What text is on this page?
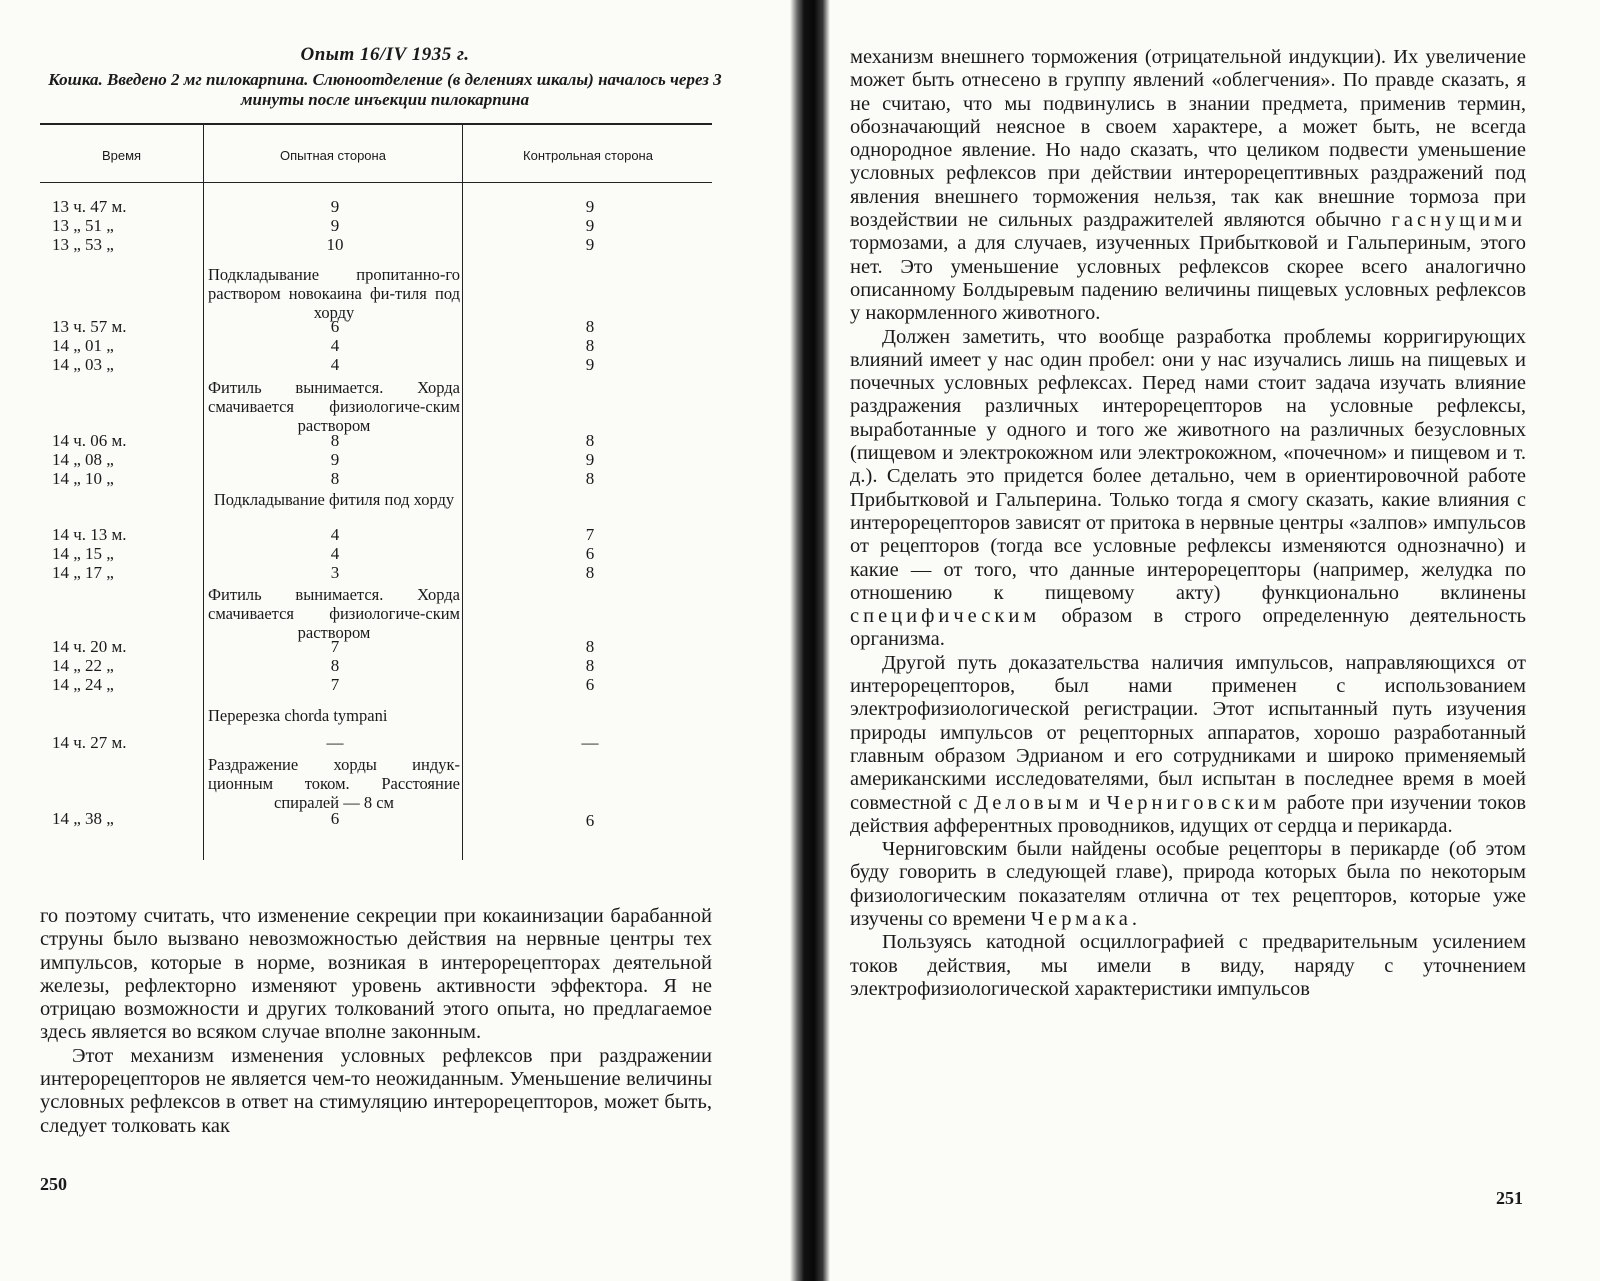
Опыт 16/IV 1935 г.
Кошка. Введено 2 мг пилокарпина. Слюноотделение (в делениях шкалы) началось через 3 минуты после инъекции пилокарпина
Время	Опытная сторона	Контрольная сторона
13 ч. 47 м.	9	9
13 „ 51 „	9	9
13 „ 53 „	10	9
Подкладывание пропитанно-го раствором новокаина фи-тиля под хорду
13 ч. 57 м.	6	8
14 „ 01 „	4	8
14 „ 03 „	4	9
Фитиль вынимается. Хорда смачивается физиологиче-ским раствором
14 ч. 06 м.	8	8
14 „ 08 „	9	9
14 „ 10 „	8	8
Подкладывание фитиля под хорду
14 ч. 13 м.	4	7
14 „ 15 „	4	6
14 „ 17 „	3	8
Фитиль вынимается. Хорда смачивается физиологиче-ским раствором
14 ч. 20 м.	7	8
14 „ 22 „	8	8
14 „ 24 „	7	6
Перерезка chorda tympani
14 ч. 27 м.	—	—
Раздражение хорды индук-ционным током. Расстояние спиралей — 8 см
14 „ 38 „	6	6
го поэтому считать, что изменение секреции при кокаинизации барабанной струны было вызвано невозможностью действия на нервные центры тех импульсов, которые в норме, возникая в интерорецепторах деятельной железы, рефлекторно изменяют уровень активности эффектора. Я не отрицаю возможности и других толкований этого опыта, но предлагаемое здесь является во всяком случае вполне законным.
Этот механизм изменения условных рефлексов при раздражении интерорецепторов не является чем-то неожиданным. Уменьшение величины условных рефлексов в ответ на стимуляцию интерорецепторов, может быть, следует толковать как
250
механизм внешнего торможения (отрицательной индукции). Их увеличение может быть отнесено в группу явлений «облегчения». По правде сказать, я не считаю, что мы подвинулись в знании предмета, применив термин, обозначающий неясное в своем характере, а может быть, не всегда однородное явление. Но надо сказать, что целиком подвести уменьшение условных рефлексов при действии интерорецептивных раздражений под явления внешнего торможения нельзя, так как внешние тормоза при воздействии не сильных раздражителей являются обычно гаснущими тормозами, а для случаев, изученных Прибытковой и Гальпериным, этого нет. Это уменьшение условных рефлексов скорее всего аналогично описанному Болдыревым падению величины пищевых условных рефлексов у накормленного животного.
Должен заметить, что вообще разработка проблемы корригирующих влияний имеет у нас один пробел: они у нас изучались лишь на пищевых и почечных условных рефлексах. Перед нами стоит задача изучать влияние раздражения различных интерорецепторов на условные рефлексы, выработанные у одного и того же животного на различных безусловных (пищевом и электрокожном или электрокожном, «почечном» и пищевом и т. д.). Сделать это придется более детально, чем в ориентировочной работе Прибытковой и Гальперина. Только тогда я смогу сказать, какие влияния с интерорецепторов зависят от притока в нервные центры «залпов» импульсов от рецепторов (тогда все условные рефлексы изменяются однозначно) и какие — от того, что данные интерорецепторы (например, желудка по отношению к пищевому акту) функционально вклинены специфическим образом в строго определенную деятельность организма.
Другой путь доказательства наличия импульсов, направляющихся от интерорецепторов, был нами применен с использованием электрофизиологической регистрации. Этот испытанный путь изучения природы импульсов от рецепторных аппаратов, хорошо разработанный главным образом Эдрианом и его сотрудниками и широко применяемый американскими исследователями, был испытан в последнее время в моей совместной с Деловым и Черниговским работе при изучении токов действия афферентных проводников, идущих от сердца и перикарда.
Черниговским были найдены особые рецепторы в перикарде (об этом буду говорить в следующей главе), природа которых была по некоторым физиологическим показателям отлична от тех рецепторов, которые уже изучены со времени Чермака.
Пользуясь катодной осциллографией с предварительным усилением токов действия, мы имели в виду, наряду с уточнением электрофизиологической характеристики импульсов
251
